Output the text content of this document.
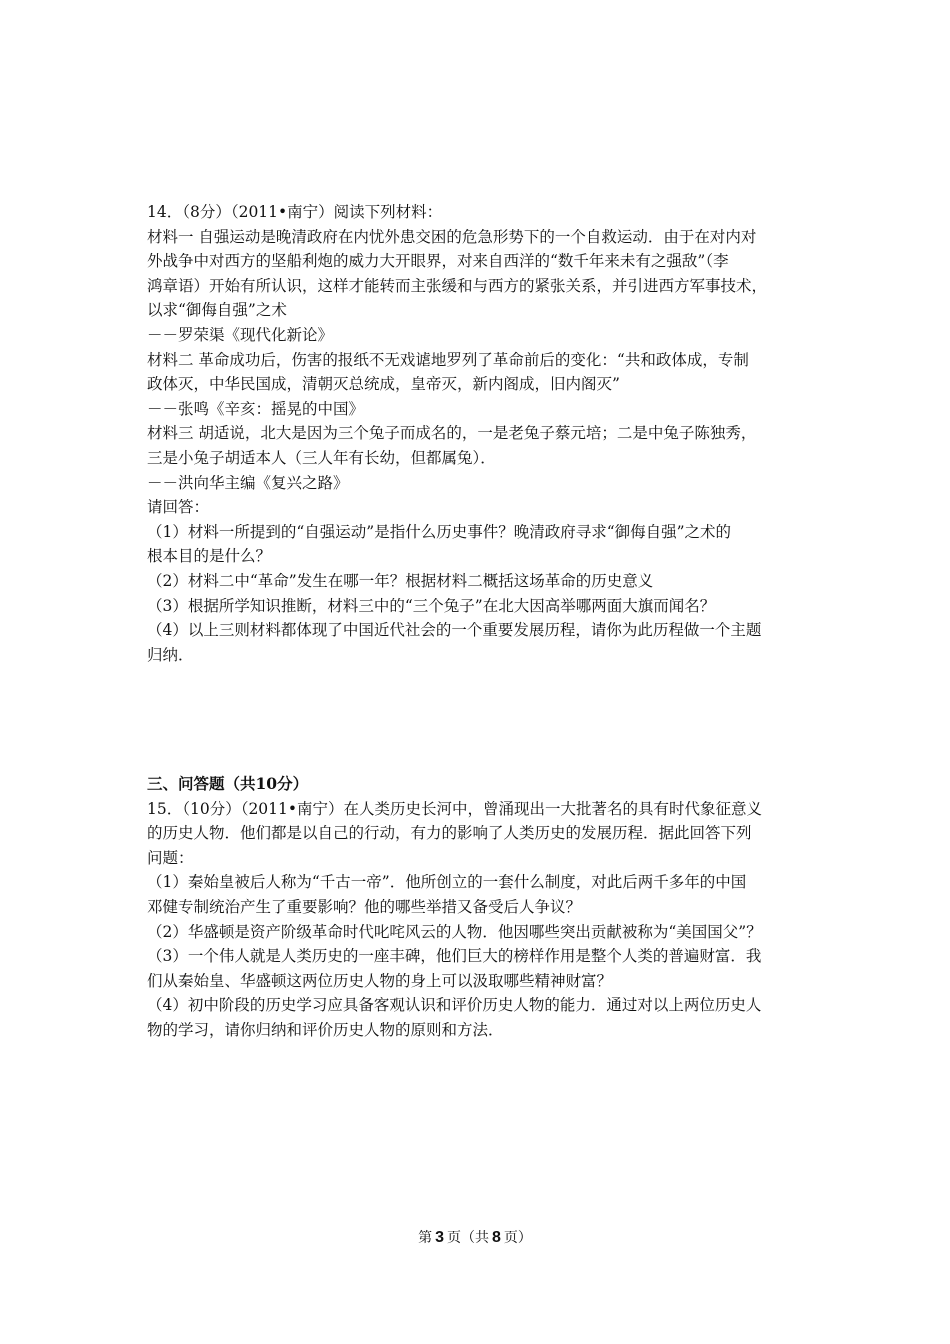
14．（8分）（2011•南宁）阅读下列材料：
材料一 自强运动是晚清政府在内忧外患交困的危急形势下的一个自救运动．由于在对内对
外战争中对西方的坚船利炮的威力大开眼界，对来自西洋的“数千年来未有之强敌”（李
鸿章语）开始有所认识，这样才能转而主张缓和与西方的紧张关系，并引进西方军事技术，
以求“御侮自强”之术
－－罗荣渠《现代化新论》
材料二 革命成功后，伤害的报纸不无戏谑地罗列了革命前后的变化：“共和政体成，专制
政体灭，中华民国成，清朝灭总统成，皇帝灭，新内阁成，旧内阁灭”
－－张鸣《辛亥：摇晃的中国》
材料三 胡适说，北大是因为三个兔子而成名的，一是老兔子蔡元培；二是中兔子陈独秀，
三是小兔子胡适本人（三人年有长幼，但都属兔）．
－－洪向华主编《复兴之路》
请回答：
（1）材料一所提到的“自强运动”是指什么历史事件？晚清政府寻求“御侮自强”之术的
根本目的是什么？
（2）材料二中“革命”发生在哪一年？根据材料二概括这场革命的历史意义
（3）根据所学知识推断，材料三中的“三个兔子”在北大因高举哪两面大旗而闻名？
（4）以上三则材料都体现了中国近代社会的一个重要发展历程，请你为此历程做一个主题
归纳．
三、问答题（共10分）
15．（10分）（2011•南宁）在人类历史长河中，曾涌现出一大批著名的具有时代象征意义
的历史人物．他们都是以自己的行动，有力的影响了人类历史的发展历程．据此回答下列
问题：
（1）秦始皇被后人称为“千古一帝”．他所创立的一套什么制度，对此后两千多年的中国
邓健专制统治产生了重要影响？他的哪些举措又备受后人争议？
（2）华盛顿是资产阶级革命时代叱咤风云的人物．他因哪些突出贡献被称为“美国国父”？
（3）一个伟人就是人类历史的一座丰碑，他们巨大的榜样作用是整个人类的普遍财富．我
们从秦始皇、华盛顿这两位历史人物的身上可以汲取哪些精神财富？
（4）初中阶段的历史学习应具备客观认识和评价历史人物的能力．通过对以上两位历史人
物的学习，请你归纳和评价历史人物的原则和方法．
第 3 页（共 8 页）
